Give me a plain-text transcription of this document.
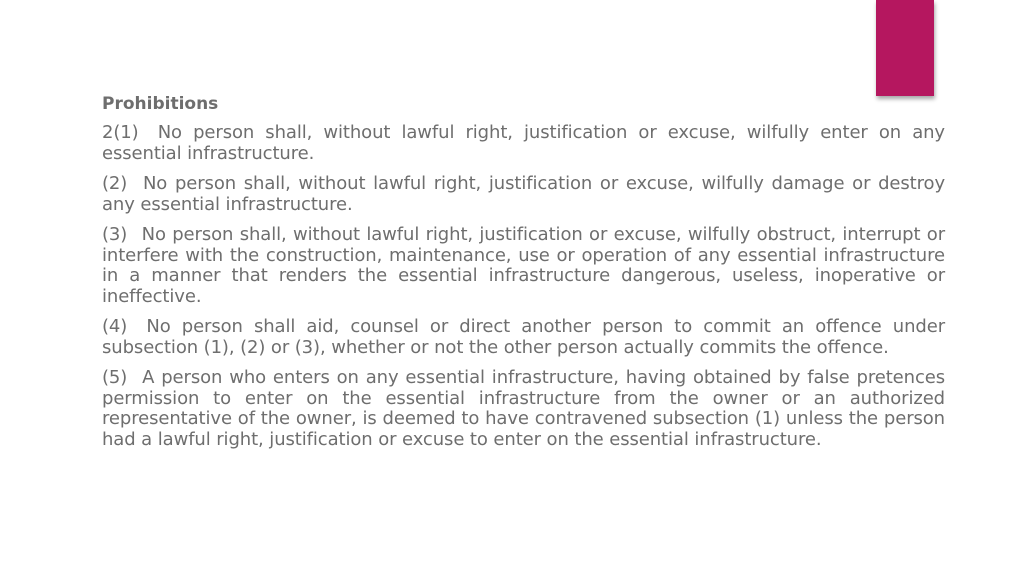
Prohibitions

2(1) No person shall, without lawful right, justification or excuse, wilfully enter on any essential infrastructure.

(2) No person shall, without lawful right, justification or excuse, wilfully damage or destroy any essential infrastructure.

(3) No person shall, without lawful right, justification or excuse, wilfully obstruct, interrupt or interfere with the construction, maintenance, use or operation of any essential infrastructure in a manner that renders the essential infrastructure dangerous, useless, inoperative or ineffective.

(4) No person shall aid, counsel or direct another person to commit an offence under subsection (1), (2) or (3), whether or not the other person actually commits the offence.

(5) A person who enters on any essential infrastructure, having obtained by false pretences permission to enter on the essential infrastructure from the owner or an authorized representative of the owner, is deemed to have contravened subsection (1) unless the person had a lawful right, justification or excuse to enter on the essential infrastructure.
